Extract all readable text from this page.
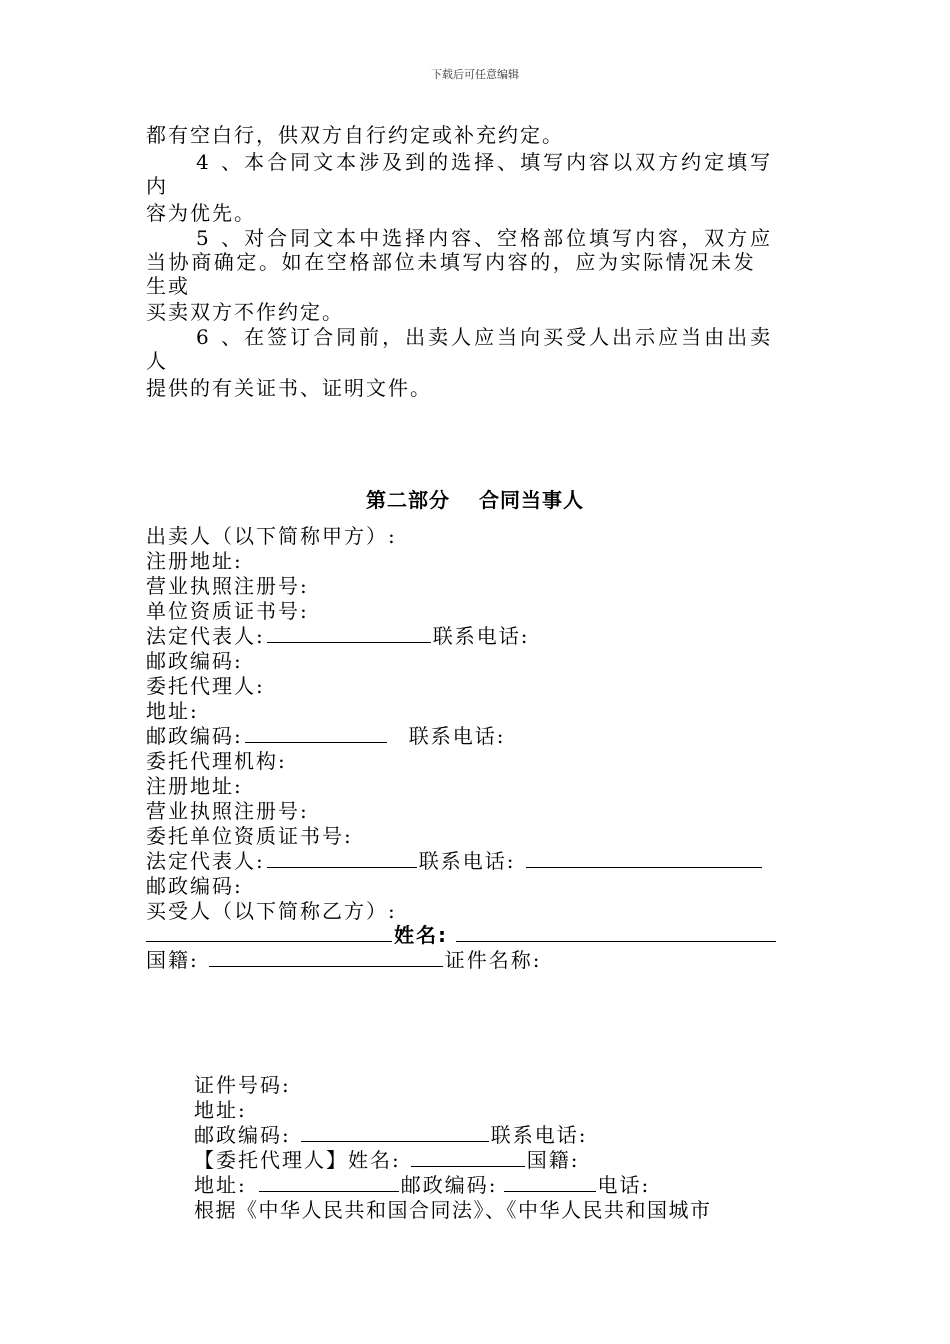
下载后可任意编辑
都有空白行，供双方自行约定或补充约定。
4 、本合同文本涉及到的选择、填写内容以双方约定填写
内
容为优先。
5 、对合同文本中选择内容、空格部位填写内容，双方应
当协商确定。如在空格部位未填写内容的，应为实际情况未发
生或
买卖双方不作约定。
6 、在签订合同前，出卖人应当向买受人出示应当由出卖
人
提供的有关证书、证明文件。
第二部分　 合同当事人
出卖人（以下简称甲方）:
注册地址:
营业执照注册号:
单位资质证书号:
法定代表人:	联系电话:
邮政编码:
委托代理人:
地址:
邮政编码:	联系电话:
委托代理机构:
注册地址:
营业执照注册号:
委托单位资质证书号:
法定代表人:	联系电话:
邮政编码:
买受人（以下简称乙方）:
姓名:
国籍:	证件名称:
证件号码:
地址:
邮政编码:	联系电话:
【委托代理人】姓名:	国籍:
地址:	邮政编码:	电话:
根据《中华人民共和国合同法》、《中华人民共和国城市
